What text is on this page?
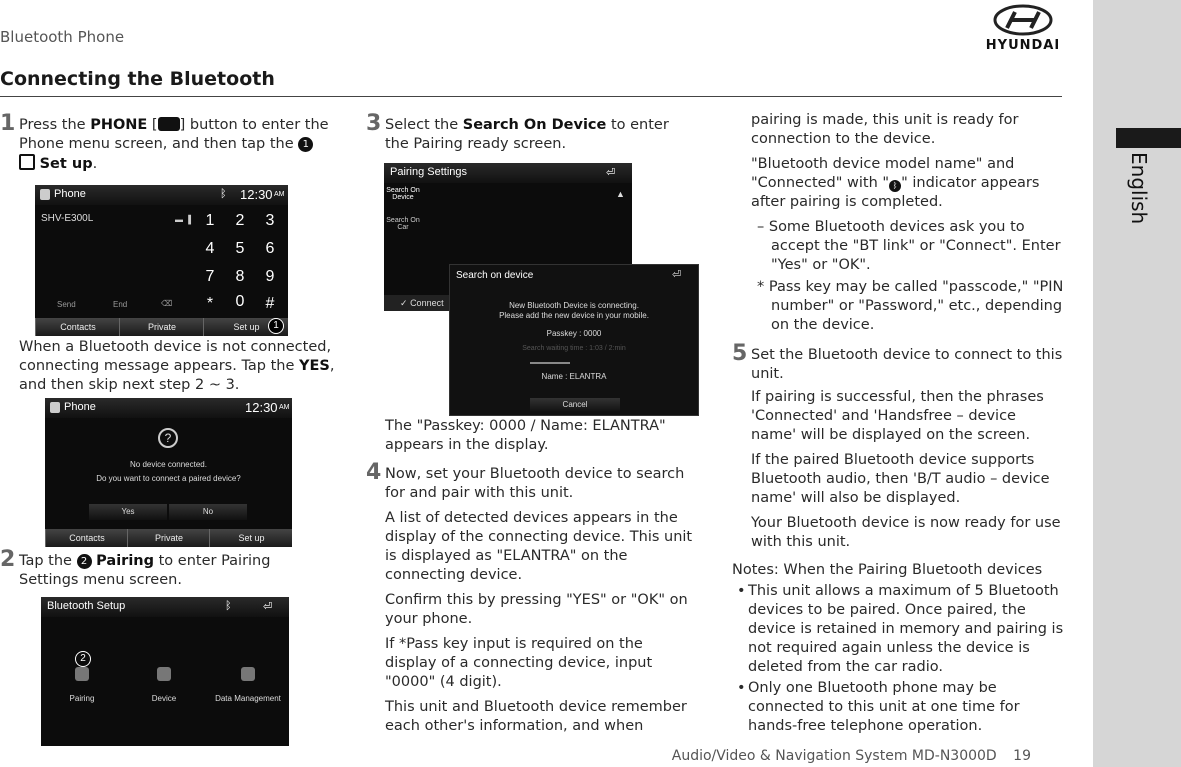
Bluetooth Phone	HYUNDAI
Connecting the Bluetooth
English
1 Press the PHONE [ ] button to enter the Phone menu screen, and then tap the 1  Set up.
Phone	ᛒ 12:30 AM
SHV-E300L	▬ ▐ 1	2	3
4	5	6
7	8	9
*	0	#
Send	End	⌫
Contacts	Private	Set up	1
When a Bluetooth device is not connected, connecting message appears. Tap the YES, and then skip next step 2 ~ 3.
Phone	12:30 AM
?
No device connected.
Do you want to connect a paired device?
Yes	No
Contacts	Private	Set up
2 Tap the 2 Pairing to enter Pairing Settings menu screen.
Bluetooth Setup	ᛒ	⏎
2
Pairing	Device	Data Management
3 Select the Search On Device to enter the Pairing ready screen.
Pairing Settings	⏎
Search On Device
Search On Car
✓ Connect
▲
Search on device	⏎
New Bluetooth Device is connecting.
Please add the new device in your mobile.
Passkey : 0000
Search waiting time : 1:03 / 2:min
Name : ELANTRA
Cancel
The "Passkey: 0000 / Name: ELANTRA" appears in the display.
4 Now, set your Bluetooth device to search for and pair with this unit.
A list of detected devices appears in the display of the connecting device. This unit is displayed as "ELANTRA" on the connecting device.
Confirm this by pressing "YES" or "OK" on your phone.
If *Pass key input is required on the display of a connecting device, input "0000" (4 digit).
This unit and Bluetooth device remember each other's information, and when
pairing is made, this unit is ready for connection to the device.
"Bluetooth device model name" and "Connected" with " ᛒ " indicator appears after pairing is completed.
– Some Bluetooth devices ask you to accept the "BT link" or "Connect". Enter "Yes" or "OK".
* Pass key may be called "passcode," "PIN number" or "Password," etc., depending on the device.
5 Set the Bluetooth device to connect to this unit.
If pairing is successful, then the phrases 'Connected' and 'Handsfree – device name' will be displayed on the screen.
If the paired Bluetooth device supports Bluetooth audio, then 'B/T audio – device name' will also be displayed.
Your Bluetooth device is now ready for use with this unit.
Notes: When the Pairing Bluetooth devices
• This unit allows a maximum of 5 Bluetooth devices to be paired. Once paired, the device is retained in memory and pairing is not required again unless the device is deleted from the car radio.
• Only one Bluetooth phone may be connected to this unit at one time for hands-free telephone operation.
Audio/Video & Navigation System MD-N3000D 19
